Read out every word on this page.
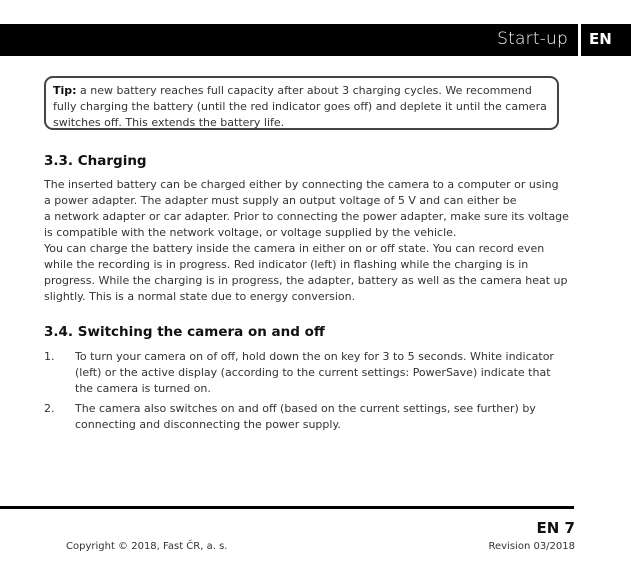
Start-up EN
Tip: a new battery reaches full capacity after about 3 charging cycles. We recommend
fully charging the battery (until the red indicator goes off) and deplete it until the camera
switches off. This extends the battery life.
3.3. Charging
The inserted battery can be charged either by connecting the camera to a computer or using
a power adapter. The adapter must supply an output voltage of 5 V and can either be
a network adapter or car adapter. Prior to connecting the power adapter, make sure its voltage
is compatible with the network voltage, or voltage supplied by the vehicle.
You can charge the battery inside the camera in either on or off state. You can record even
while the recording is in progress. Red indicator (left) in flashing while the charging is in
progress. While the charging is in progress, the adapter, battery as well as the camera heat up
slightly. This is a normal state due to energy conversion.
3.4. Switching the camera on and off
1. To turn your camera on of off, hold down the on key for 3 to 5 seconds. White indicator
(left) or the active display (according to the current settings: PowerSave) indicate that
the camera is turned on.
2. The camera also switches on and off (based on the current settings, see further) by
connecting and disconnecting the power supply.
EN 7
Copyright © 2018, Fast ČR, a. s.	Revision 03/2018
